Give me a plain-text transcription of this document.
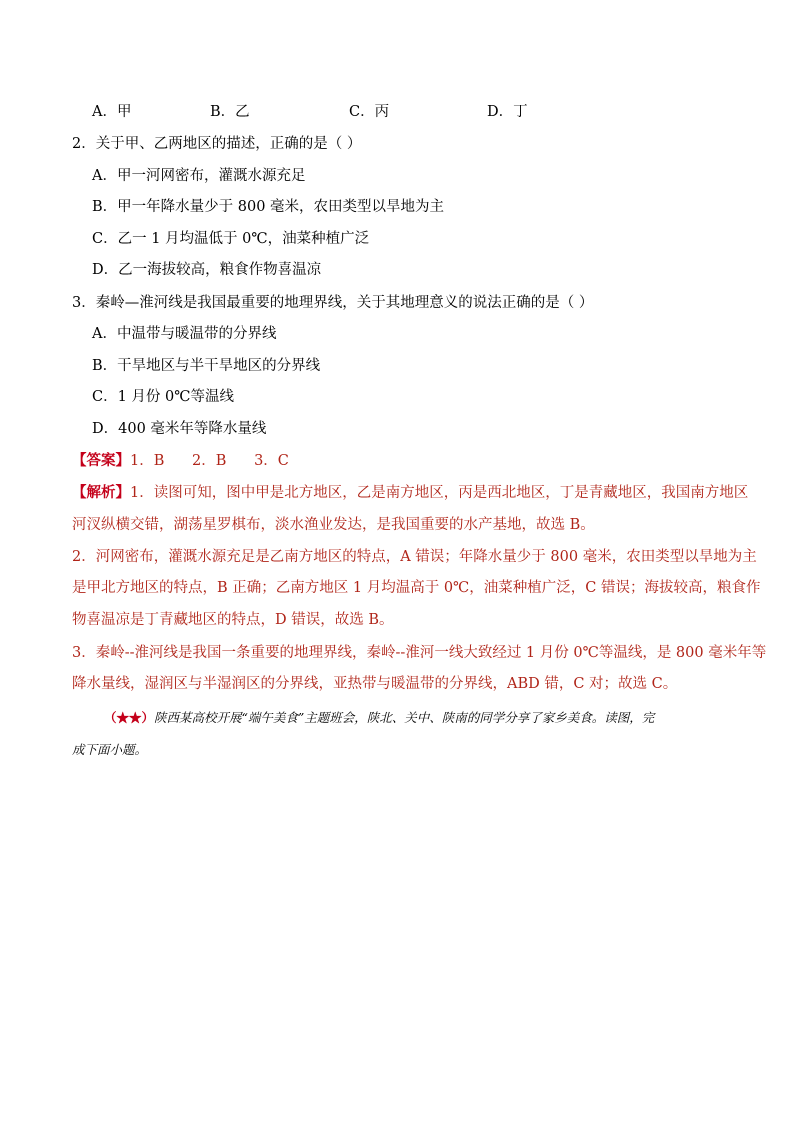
A．甲	B．乙	C．丙	D．丁
2．关于甲、乙两地区的描述，正确的是（ ）
A．甲一河网密布，灌溉水源充足
B．甲一年降水量少于 800 毫米，农田类型以旱地为主
C．乙一 1 月均温低于 0℃，油菜种植广泛
D．乙一海拔较高，粮食作物喜温凉
3．秦岭—淮河线是我国最重要的地理界线，关于其地理意义的说法正确的是（ ）
A．中温带与暖温带的分界线
B．干旱地区与半干旱地区的分界线
C．1 月份 0℃等温线
D．400 毫米年等降水量线
【答案】1．B      2．B      3．C
【解析】1．读图可知，图中甲是北方地区，乙是南方地区，丙是西北地区，丁是青藏地区，我国南方地区
河汊纵横交错，湖荡星罗棋布，淡水渔业发达，是我国重要的水产基地，故选 B。
2．河网密布，灌溉水源充足是乙南方地区的特点，A 错误；年降水量少于 800 毫米，农田类型以旱地为主
是甲北方地区的特点，B 正确；乙南方地区 1 月均温高于 0℃，油菜种植广泛，C 错误；海拔较高，粮食作
物喜温凉是丁青藏地区的特点，D 错误，故选 B。
3．秦岭--淮河线是我国一条重要的地理界线，秦岭--淮河一线大致经过 1 月份 0℃等温线，是 800 毫米年等
降水量线，湿润区与半湿润区的分界线，亚热带与暖温带的分界线，ABD 错，C 对；故选 C。
（★★）陕西某高校开展“端午美食”主题班会，陕北、关中、陕南的同学分享了家乡美食。读图，完
成下面小题。
